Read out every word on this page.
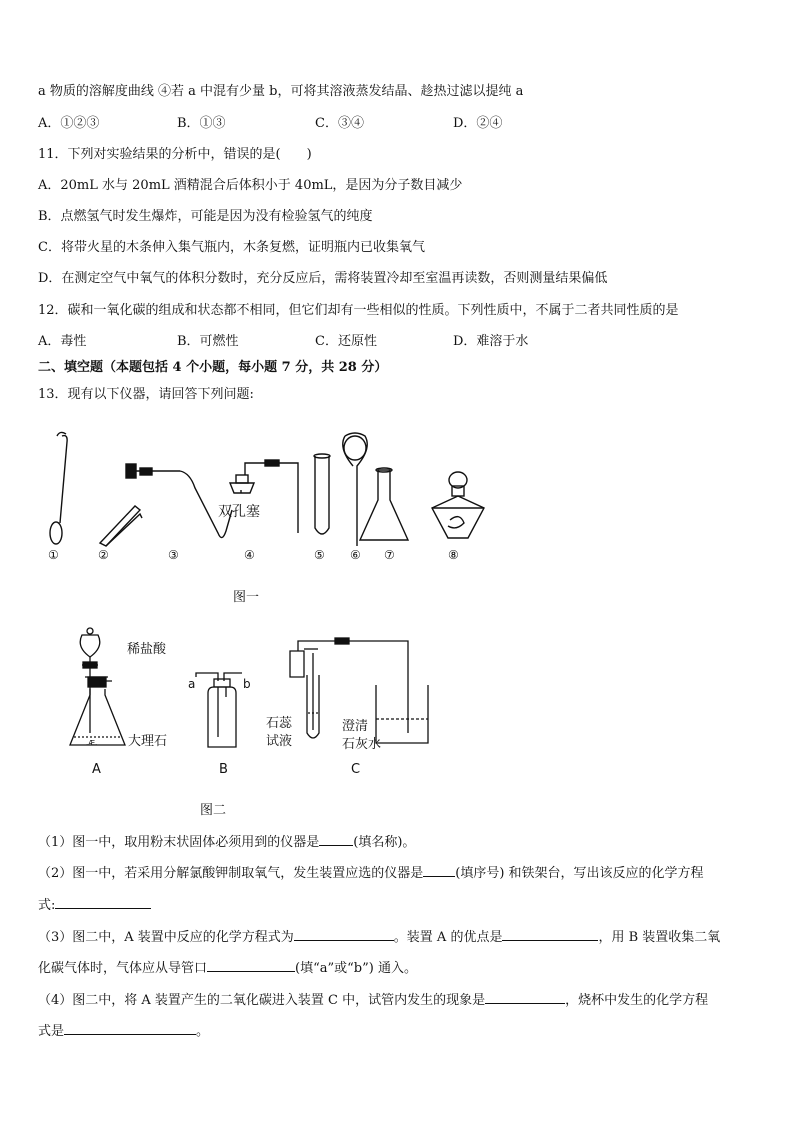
a 物质的溶解度曲线 ④若 a 中混有少量 b，可将其溶液蒸发结晶、趁热过滤以提纯 a
A．①②③	B．①③	C．③④	D．②④
11．下列对实验结果的分析中，错误的是(　　)
A．20mL 水与 20mL 酒精混合后体积小于 40mL，是因为分子数目减少
B．点燃氢气时发生爆炸，可能是因为没有检验氢气的纯度
C．将带火星的木条伸入集气瓶内，木条复燃，证明瓶内已收集氧气
D．在测定空气中氧气的体积分数时，充分反应后，需将装置冷却至室温再读数，否则测量结果偏低
12．碳和一氧化碳的组成和状态都不相同，但它们却有一些相似的性质。下列性质中，不属于二者共同性质的是
A．毒性	B．可燃性	C．还原性	D．难溶于水
二、填空题（本题包括 4 个小题，每小题 7 分，共 28 分）
13．现有以下仪器，请回答下列问题:
双孔塞
①	②	③	④	⑤ ⑥ ⑦	⑧
图一
.Æ.
稀盐酸
大理石
a	b
石蕊
试液
澄清
石灰水
A	B	C
图二
（1）图一中，取用粉末状固体必须用到的仪器是	(填名称)。
（2）图一中，若采用分解氯酸钾制取氧气，发生装置应选的仪器是 (填序号) 和铁架台，写出该反应的化学方程
式:
（3）图二中，A 装置中反应的化学方程式为	。装置 A 的优点是	，用 B 装置收集二氧
化碳气体时，气体应从导管口	(填“a”或“b”) 通入。
（4）图二中，将 A 装置产生的二氧化碳进入装置 C 中，试管内发生的现象是	，烧杯中发生的化学方程
式是	。
